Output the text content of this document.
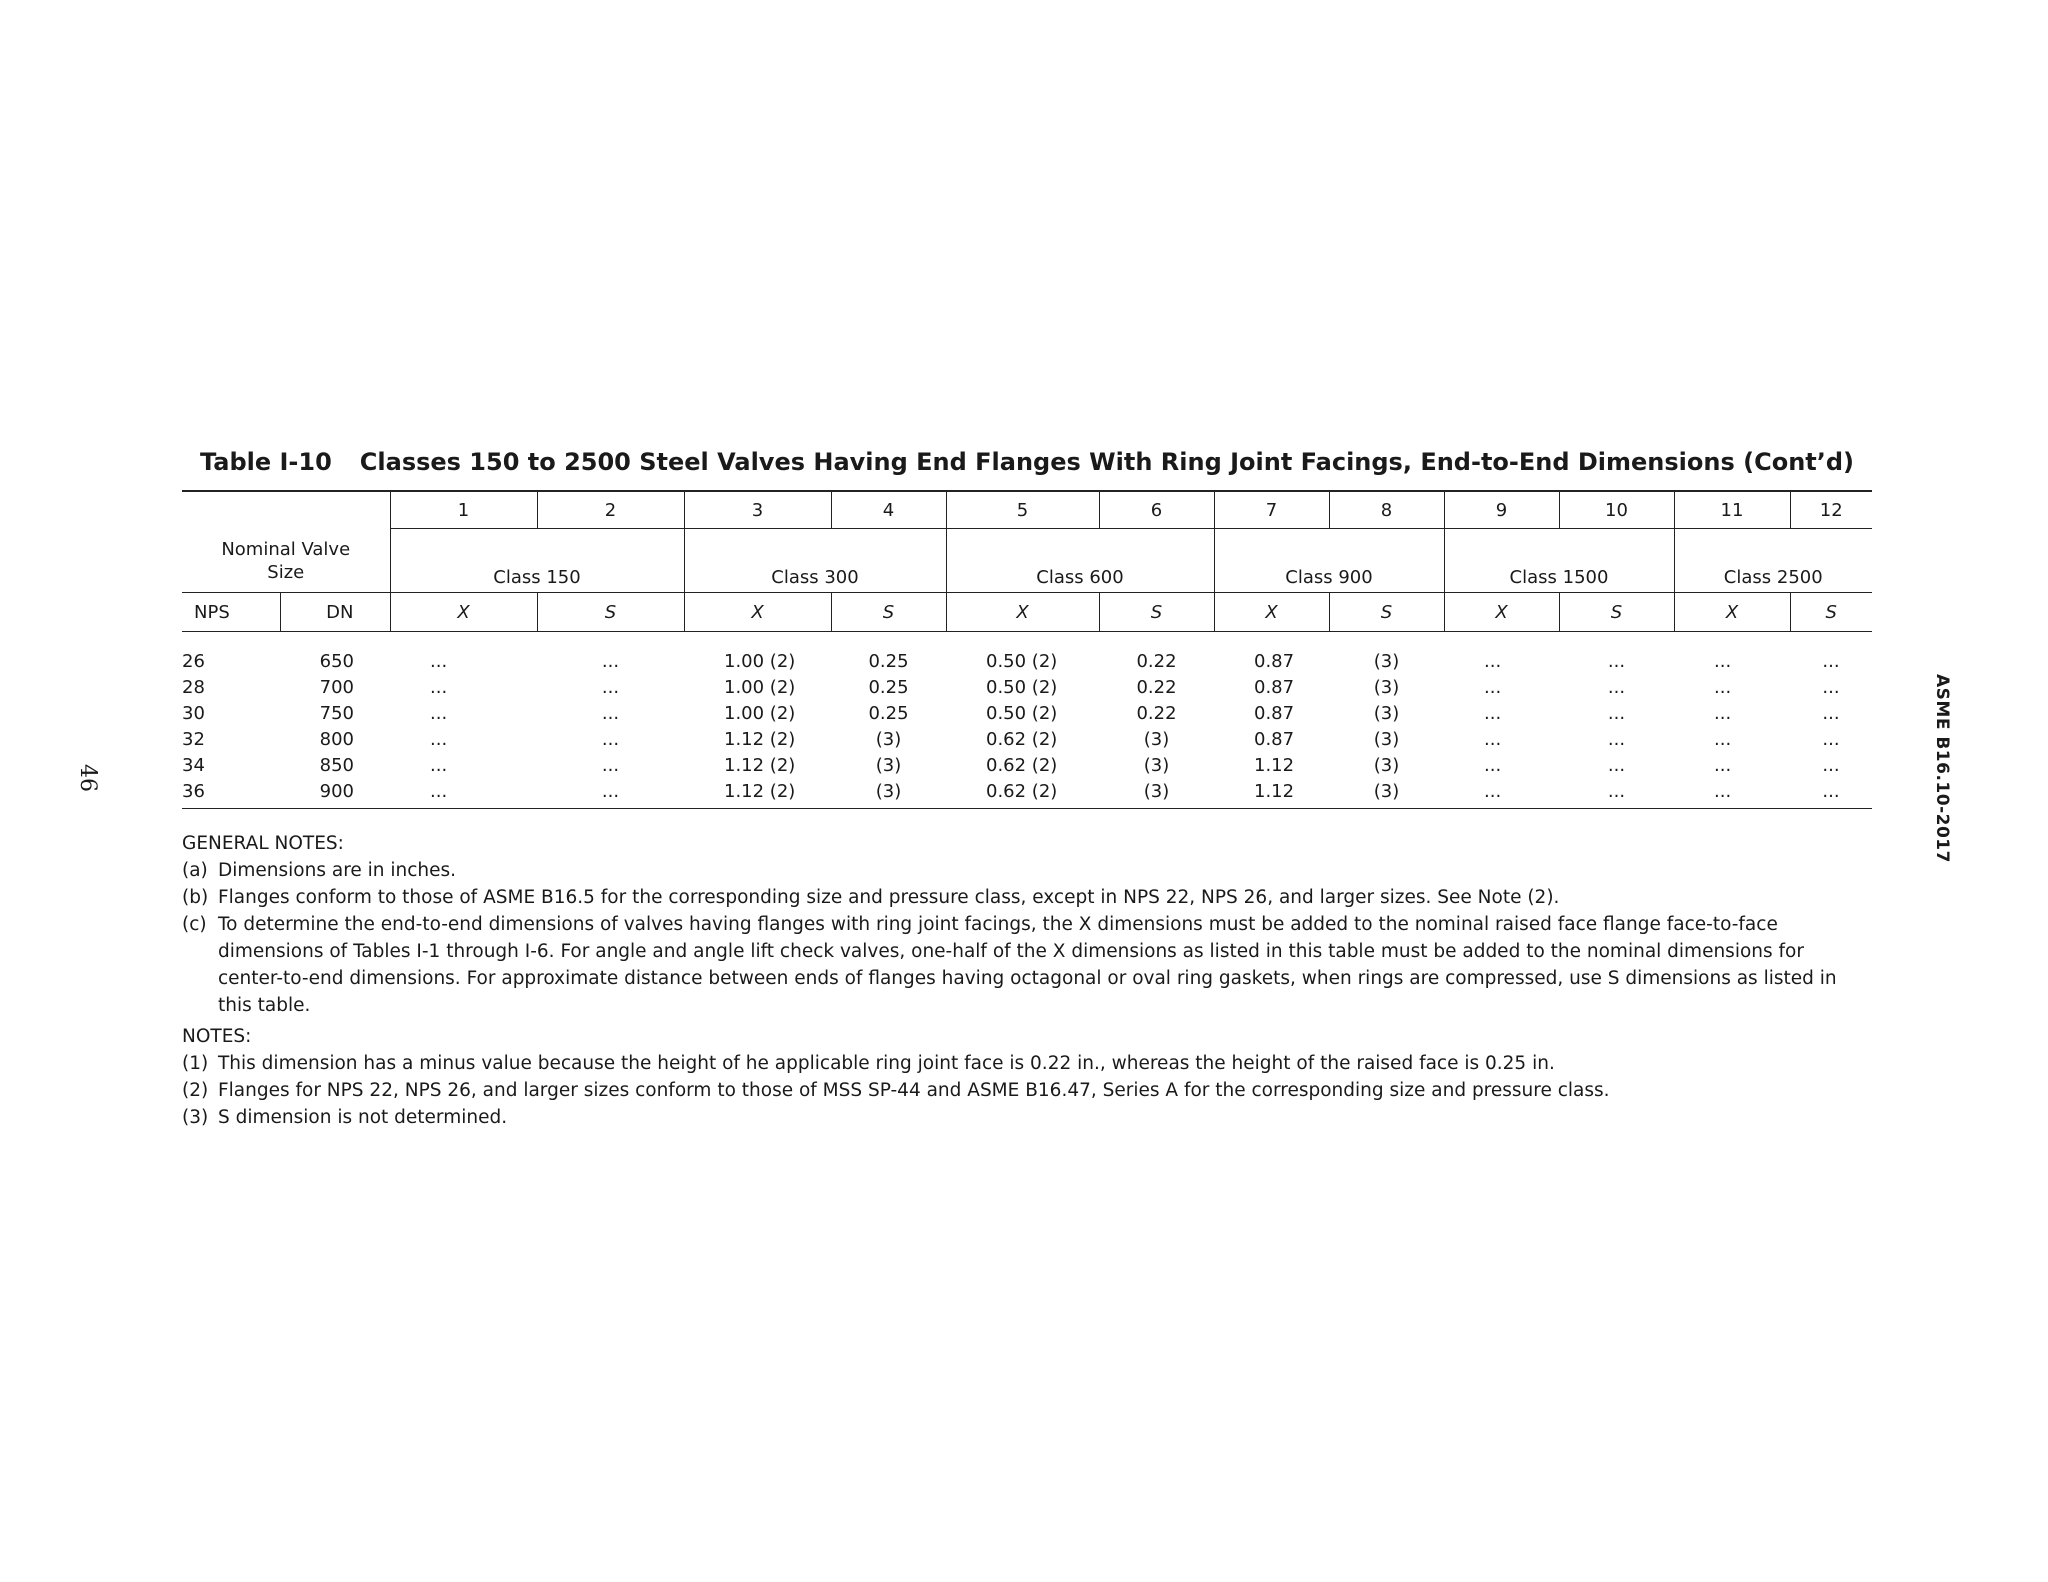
46	ASME B16.10-2017
Table I-10 Classes 150 to 2500 Steel Valves Having End Flanges With Ring Joint Facings, End-to-End Dimensions (Cont’d)
		1	2	3	4	5	6	7	8	9	10	11	12
Nominal Valve
Size		Class 150		Class 300		Class 600		Class 900		Class 1500		Class 2500	
NPS	DN	X	S	X	S	X	S	X	S	X	S	X	S
26	650	...	...	1.00 (2)	0.25	0.50 (2)	0.22	0.87	(3)	...	...	...	...
28	700	...	...	1.00 (2)	0.25	0.50 (2)	0.22	0.87	(3)	...	...	...	...
30	750	...	...	1.00 (2)	0.25	0.50 (2)	0.22	0.87	(3)	...	...	...	...
32	800	...	...	1.12 (2)	(3)	0.62 (2)	(3)	0.87	(3)	...	...	...	...
34	850	...	...	1.12 (2)	(3)	0.62 (2)	(3)	1.12	(3)	...	...	...	...
36	900	...	...	1.12 (2)	(3)	0.62 (2)	(3)	1.12	(3)	...	...	...	...

GENERAL NOTES:

(a) Dimensions are in inches.
(b) Flanges conform to those of ASME B16.5 for the corresponding size and pressure class, except in NPS 22, NPS 26, and larger sizes. See Note (2).
(c) To determine the end-to-end dimensions of valves having flanges with ring joint facings, the X dimensions must be added to the nominal raised face flange face-to-face dimensions of Tables I-1 through I-6. For angle and angle lift check valves, one-half of the X dimensions as listed in this table must be added to the nominal dimensions for center-to-end dimensions. For approximate distance between ends of flanges having octagonal or oval ring gaskets, when rings are compressed, use S dimensions as listed in this table.

NOTES:

(1) This dimension has a minus value because the height of he applicable ring joint face is 0.22 in., whereas the height of the raised face is 0.25 in.
(2) Flanges for NPS 22, NPS 26, and larger sizes conform to those of MSS SP-44 and ASME B16.47, Series A for the corresponding size and pressure class.
(3) S dimension is not determined.
